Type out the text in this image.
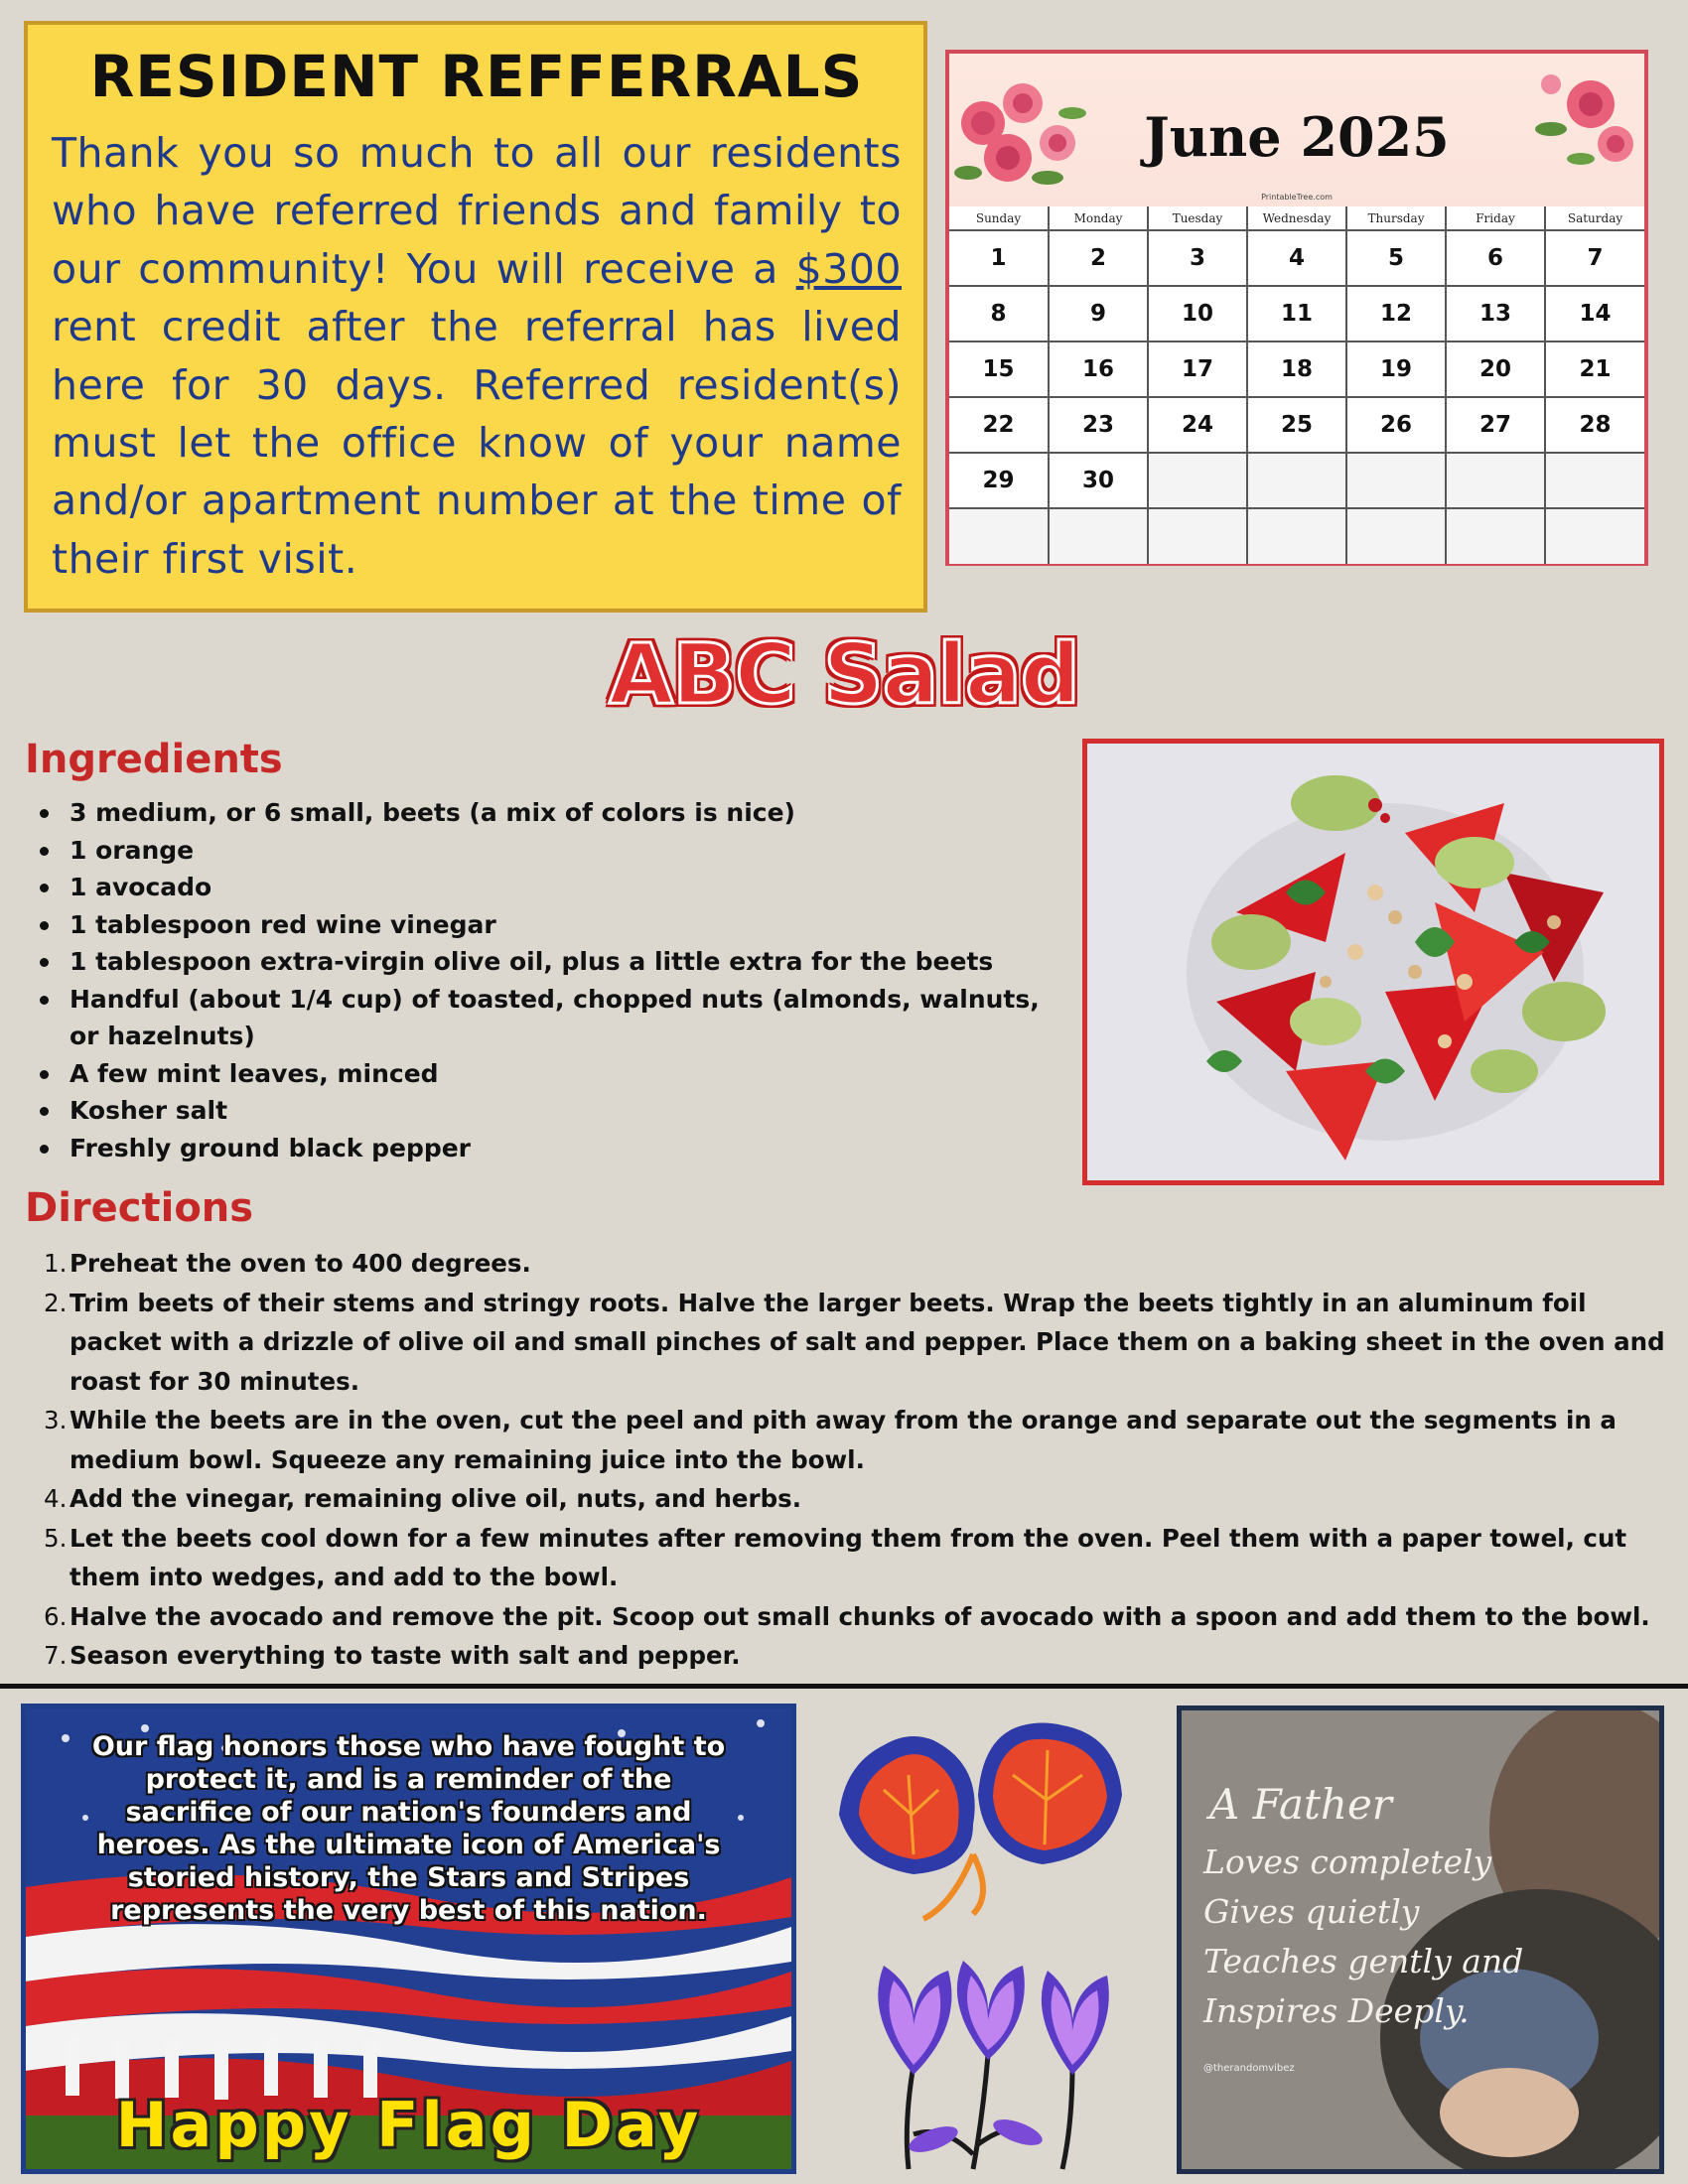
RESIDENT REFFERRALS

Thank you so much to all our residents who have referred friends and family to our community! You will receive a $300 rent credit after the referral has lived here for 30 days. Referred resident(s) must let the office know of your name and/or apartment number at the time of their first visit.

June 2025
PrintableTree.com
Sunday	Monday	Tuesday	Wednesday	Thursday	Friday	Saturday
1	2	3	4	5	6	7
8	9	10	11	12	13	14
15	16	17	18	19	20	21
22	23	24	25	26	27	28
29	30					

ABC Salad
Ingredients
3 medium, or 6 small, beets (a mix of colors is nice)
1 orange
1 avocado
1 tablespoon red wine vinegar
1 tablespoon extra-virgin olive oil, plus a little extra for the beets
Handful (about 1/4 cup) of toasted, chopped nuts (almonds, walnuts, or hazelnuts)
A few mint leaves, minced
Kosher salt
Freshly ground black pepper
Directions
1. Preheat the oven to 400 degrees.
2. Trim beets of their stems and stringy roots. Halve the larger beets. Wrap the beets tightly in an aluminum foil packet with a drizzle of olive oil and small pinches of salt and pepper. Place them on a baking sheet in the oven and roast for 30 minutes.
3. While the beets are in the oven, cut the peel and pith away from the orange and separate out the segments in a medium bowl. Squeeze any remaining juice into the bowl.
4. Add the vinegar, remaining olive oil, nuts, and herbs.
5. Let the beets cool down for a few minutes after removing them from the oven. Peel them with a paper towel, cut them into wedges, and add to the bowl.
6. Halve the avocado and remove the pit. Scoop out small chunks of avocado with a spoon and add them to the bowl.
7. Season everything to taste with salt and pepper.
Our flag honors those who have fought to protect it, and is a reminder of the sacrifice of our nation's founders and heroes. As the ultimate icon of America's storied history, the Stars and Stripes represents the very best of this nation.
Happy Flag Day
A Father
Loves completely
Gives quietly
Teaches gently and
Inspires Deeply.
@therandomvibez
